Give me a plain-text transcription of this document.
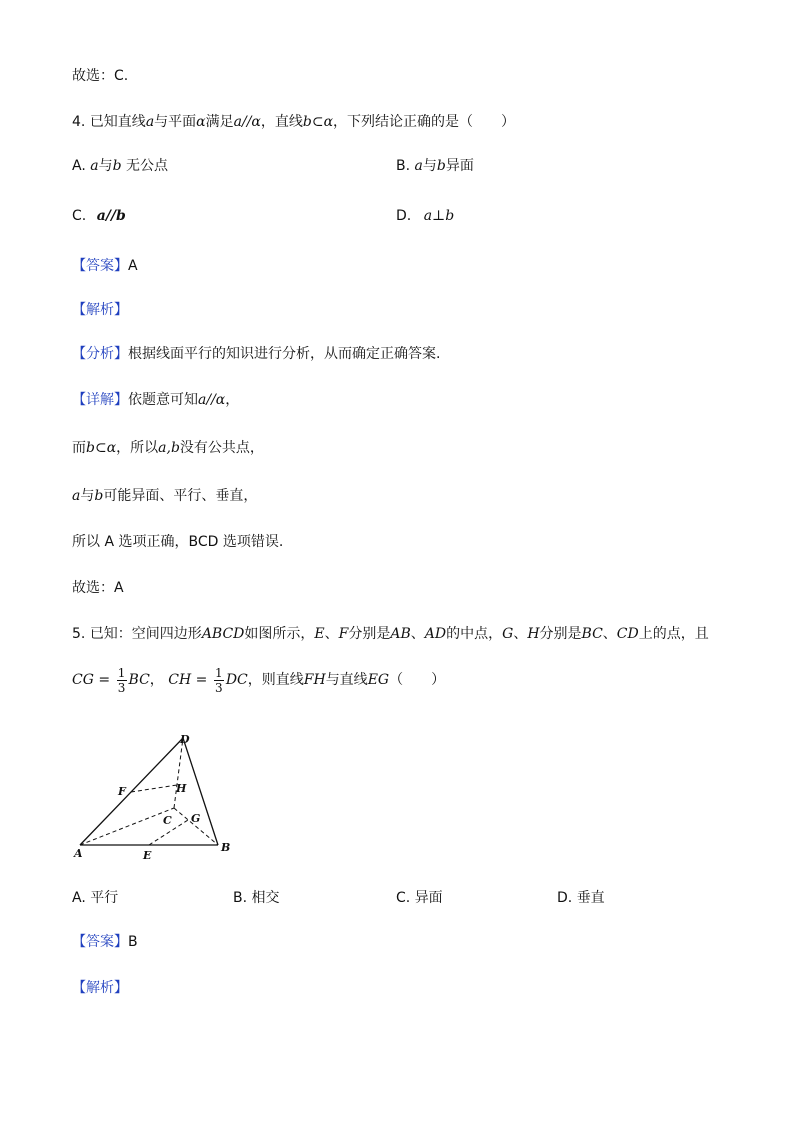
故选：C.
4. 已知直线a与平面α满足a//α，直线b⊂α，下列结论正确的是（　　）
A. a与b 无公点	B. a与b异面
C. a//b	D. a⊥b
【答案】A
【解析】
【分析】根据线面平行的知识进行分析，从而确定正确答案.
【详解】依题意可知a//α，
而b⊂α，所以a,b没有公共点，
a与b可能异面、平行、垂直，
所以 A 选项正确，BCD 选项错误.
故选：A
5. 已知：空间四边形ABCD如图所示，E、F分别是AB、AD的中点，G、H分别是BC、CD上的点，且
CG = $\frac{1}{3}$ BC， CH = $\frac{1}{3}$ DC，则直线FH与直线EG（　　）
D
F	H
C G
A	E
B
A. 平行	B. 相交	C. 异面	D. 垂直
【答案】B
【解析】
